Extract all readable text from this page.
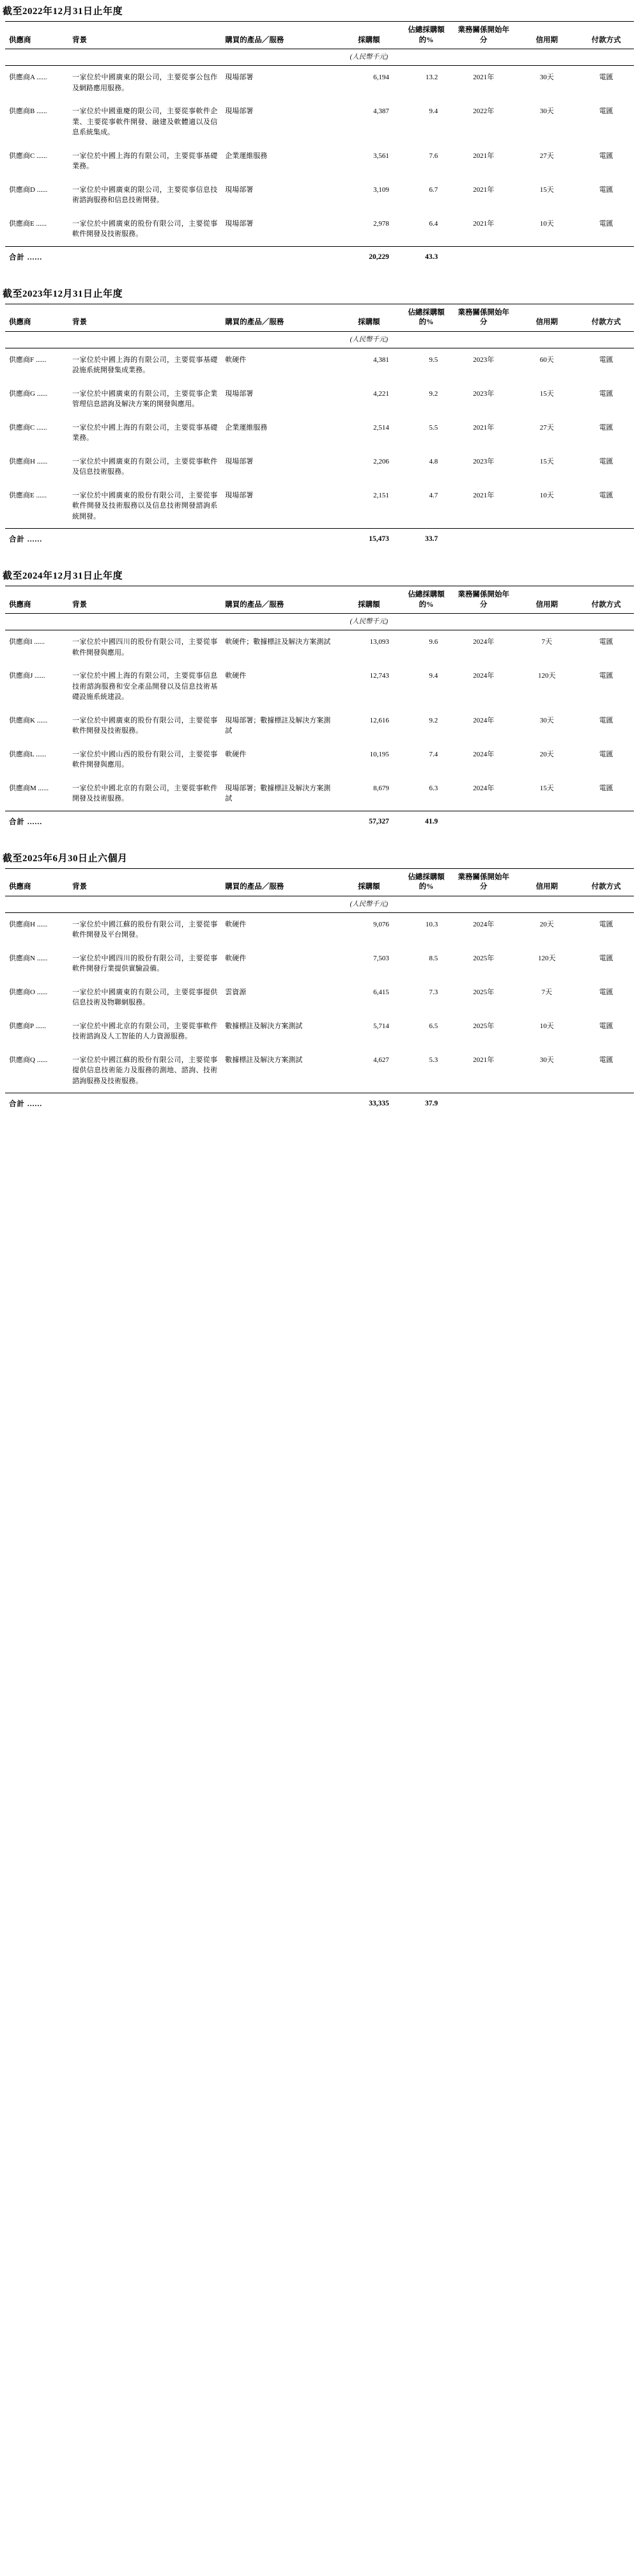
截至2022年12月31日止年度
供應商	背景	購買的產品／服務	採購額	佔總採購額的%	業務關係開始年分	信用期	付款方式
			(人民幣千元)				
供應商A ......	一家位於中國廣東的限公司，主要從事公包作及網路應用服務。	現場部署	6,194	13.2	2021年	30天	電匯
供應商B ......	一家位於中國重慶的限公司，主要從事軟件企業、主要從事軟件開發、融建及軟體適以及信息系統集成。	現場部署	4,387	9.4	2022年	30天	電匯
供應商C ......	一家位於中國上海的有限公司，主要從事基礎業務。	企業運維服務	3,561	7.6	2021年	27天	電匯
供應商D ......	一家位於中國廣東的限公司，主要從事信息技術諮詢服務和信息技術開發。	現場部署	3,109	6.7	2021年	15天	電匯
供應商E ......	一家位於中國廣東的股份有限公司，主要從事軟件開發及技術服務。	現場部署	2,978	6.4	2021年	10天	電匯
合計 ......			20,229	43.3			
截至2023年12月31日止年度
供應商	背景	購買的產品／服務	採購額	佔總採購額的%	業務關係開始年分	信用期	付款方式
			(人民幣千元)				
供應商F ......	一家位於中國上海的有限公司，主要從事基礎設施系統開發集成業務。	軟硬件	4,381	9.5	2023年	60天	電匯
供應商G ......	一家位於中國廣東的有限公司，主要從事企業管理信息諮詢及解決方案的開發與應用。	現場部署	4,221	9.2	2023年	15天	電匯
供應商C ......	一家位於中國上海的有限公司，主要從事基礎業務。	企業運維服務	2,514	5.5	2021年	27天	電匯
供應商H ......	一家位於中國廣東的有限公司，主要從事軟件及信息技術服務。	現場部署	2,206	4.8	2023年	15天	電匯
供應商E ......	一家位於中國廣東的股份有限公司，主要從事軟件開發及技術服務以及信息技術開發諮詢系統開發。	現場部署	2,151	4.7	2021年	10天	電匯
合計 ......			15,473	33.7			
截至2024年12月31日止年度
供應商	背景	購買的產品／服務	採購額	佔總採購額的%	業務關係開始年分	信用期	付款方式
			(人民幣千元)				
供應商I ......	一家位於中國四川的股份有限公司，主要從事軟件開發與應用。	軟硬件；數據標註及解決方案測試	13,093	9.6	2024年	7天	電匯
供應商J ......	一家位於中國上海的有限公司，主要從事信息技術諮詢服務和安全產品開發以及信息技術基礎設施系統建設。	軟硬件	12,743	9.4	2024年	120天	電匯
供應商K ......	一家位於中國廣東的股份有限公司，主要從事軟件開發及技術服務。	現場部署；數據標註及解決方案測試	12,616	9.2	2024年	30天	電匯
供應商L ......	一家位於中國山西的股份有限公司，主要從事軟件開發與應用。	軟硬件	10,195	7.4	2024年	20天	電匯
供應商M ......	一家位於中國北京的有限公司，主要從事軟件開發及技術服務。	現場部署；數據標註及解決方案測試	8,679	6.3	2024年	15天	電匯
合計 ......			57,327	41.9			
截至2025年6月30日止六個月
供應商	背景	購買的產品／服務	採購額	佔總採購額的%	業務關係開始年分	信用期	付款方式
			(人民幣千元)				
供應商H ......	一家位於中國江蘇的股份有限公司，主要從事軟件開發及平台開發。	軟硬件	9,076	10.3	2024年	20天	電匯
供應商N ......	一家位於中國四川的股份有限公司，主要從事軟件開發行業提供實驗設備。	軟硬件	7,503	8.5	2025年	120天	電匯
供應商O ......	一家位於中國廣東的有限公司，主要從事提供信息技術及物聯網服務。	雲資源	6,415	7.3	2025年	7天	電匯
供應商P ......	一家位於中國北京的有限公司，主要從事軟件技術諮詢及人工智能的人力資源服務。	數據標註及解決方案測試	5,714	6.5	2025年	10天	電匯
供應商Q ......	一家位於中國江蘇的股份有限公司，主要從事提供信息技術能力及服務的測地、諮詢、技術諮詢服務及技術服務。	數據標註及解決方案測試	4,627	5.3	2021年	30天	電匯
合計 ......			33,335	37.9			
